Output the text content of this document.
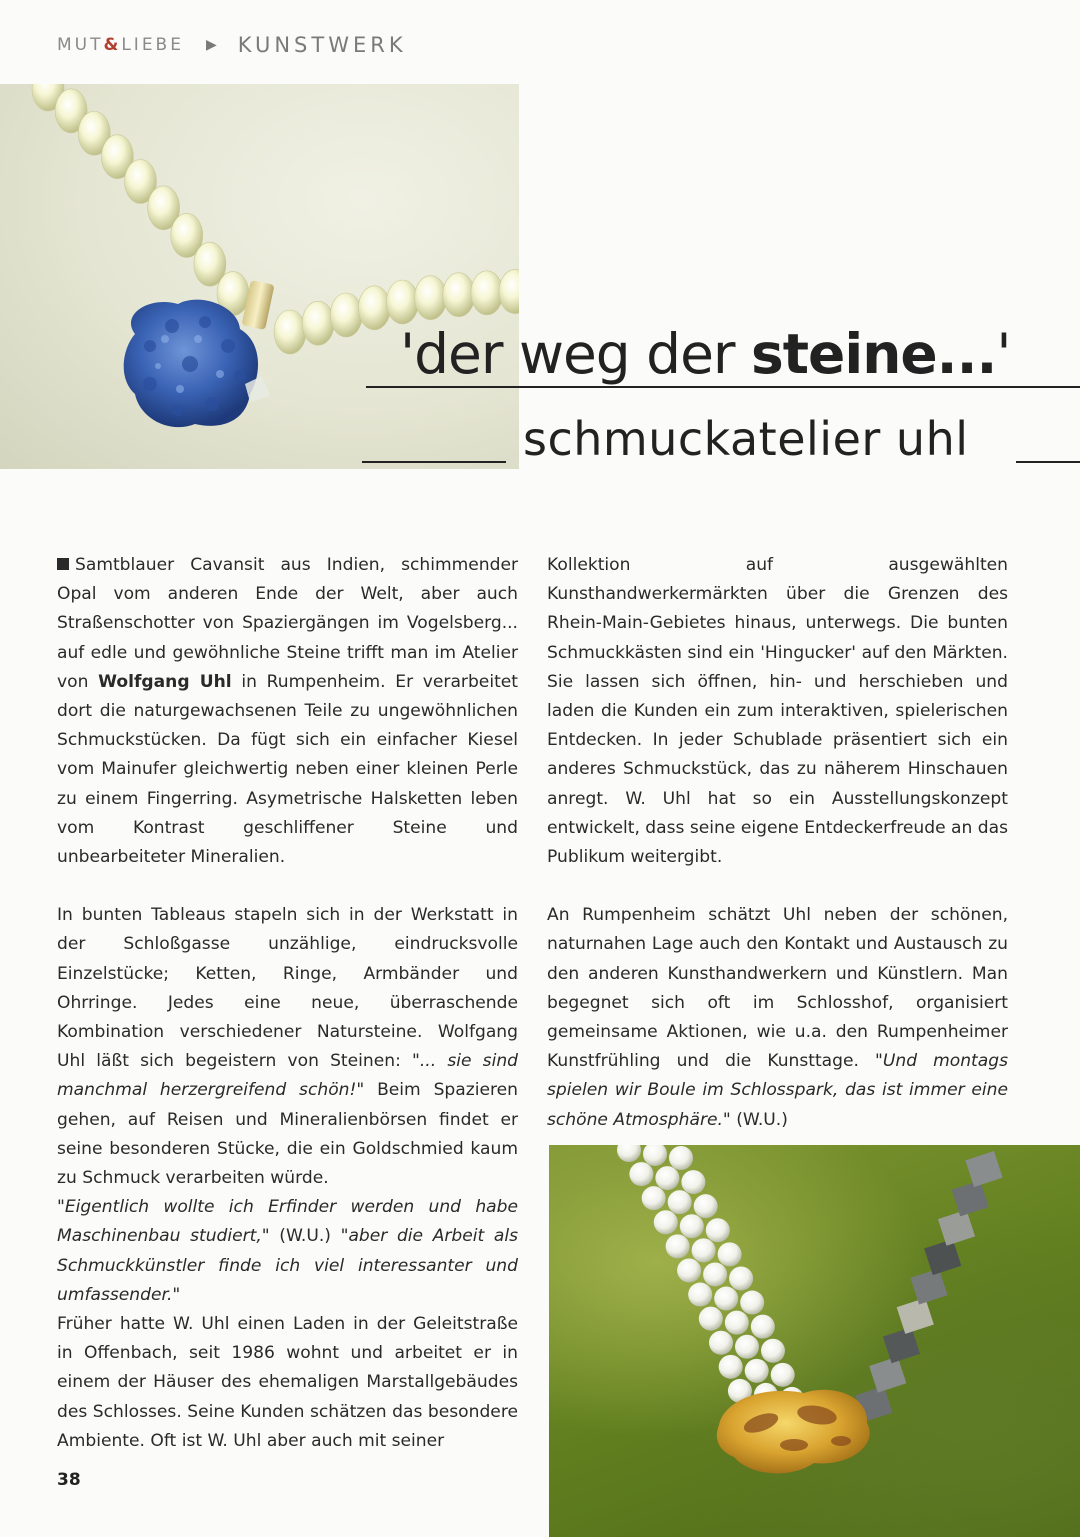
MUT&LIEBE ▶ KUNSTWERK
'der weg der steine...'
schmuckatelier uhl

Samtblauer Cavansit aus Indien, schimmender Opal vom anderen Ende der Welt, aber auch Straßenschotter von Spaziergängen im Vogelsberg... auf edle und gewöhnliche Steine trifft man im Atelier von Wolfgang Uhl in Rumpenheim. Er verarbeitet dort die naturgewachsenen Teile zu ungewöhnlichen Schmuckstücken. Da fügt sich ein einfacher Kiesel vom Mainufer gleichwertig neben einer kleinen Perle zu einem Fingerring. Asymetrische Halsketten leben vom Kontrast geschliffener Steine und unbearbeiteter Mineralien.

In bunten Tableaus stapeln sich in der Werkstatt in der Schloßgasse unzählige, eindrucksvolle Einzelstücke; Ketten, Ringe, Armbänder und Ohrringe. Jedes eine neue, überraschende Kombination verschiedener Natursteine. Wolfgang Uhl läßt sich begeistern von Steinen: "... sie sind manchmal herzergreifend schön!" Beim Spazieren gehen, auf Reisen und Mineralienbörsen findet er seine besonderen Stücke, die ein Goldschmied kaum zu Schmuck verarbeiten würde.

"Eigentlich wollte ich Erfinder werden und habe Maschinenbau studiert," (W.U.) "aber die Arbeit als Schmuckkünstler finde ich viel interessanter und umfassender."

Früher hatte W. Uhl einen Laden in der Geleitstraße in Offenbach, seit 1986 wohnt und arbeitet er in einem der Häuser des ehemaligen Marstallgebäudes des Schlosses. Seine Kunden schätzen das besondere Ambiente. Oft ist W. Uhl aber auch mit seiner

Kollektion auf ausgewählten Kunsthandwerkermärkten über die Grenzen des Rhein-Main-Gebietes hinaus, unterwegs. Die bunten Schmuckkästen sind ein 'Hingucker' auf den Märkten. Sie lassen sich öffnen, hin- und herschieben und laden die Kunden ein zum interaktiven, spielerischen Entdecken. In jeder Schublade präsentiert sich ein anderes Schmuckstück, das zu näherem Hinschauen anregt. W. Uhl hat so ein Ausstellungskonzept entwickelt, dass seine eigene Entdeckerfreude an das Publikum weitergibt.

An Rumpenheim schätzt Uhl neben der schönen, naturnahen Lage auch den Kontakt und Austausch zu den anderen Kunsthandwerkern und Künstlern. Man begegnet sich oft im Schlosshof, organisiert gemeinsame Aktionen, wie u.a. den Rumpenheimer Kunstfrühling und die Kunsttage. "Und montags spielen wir Boule im Schlosspark, das ist immer eine schöne Atmosphäre." (W.U.)

38
